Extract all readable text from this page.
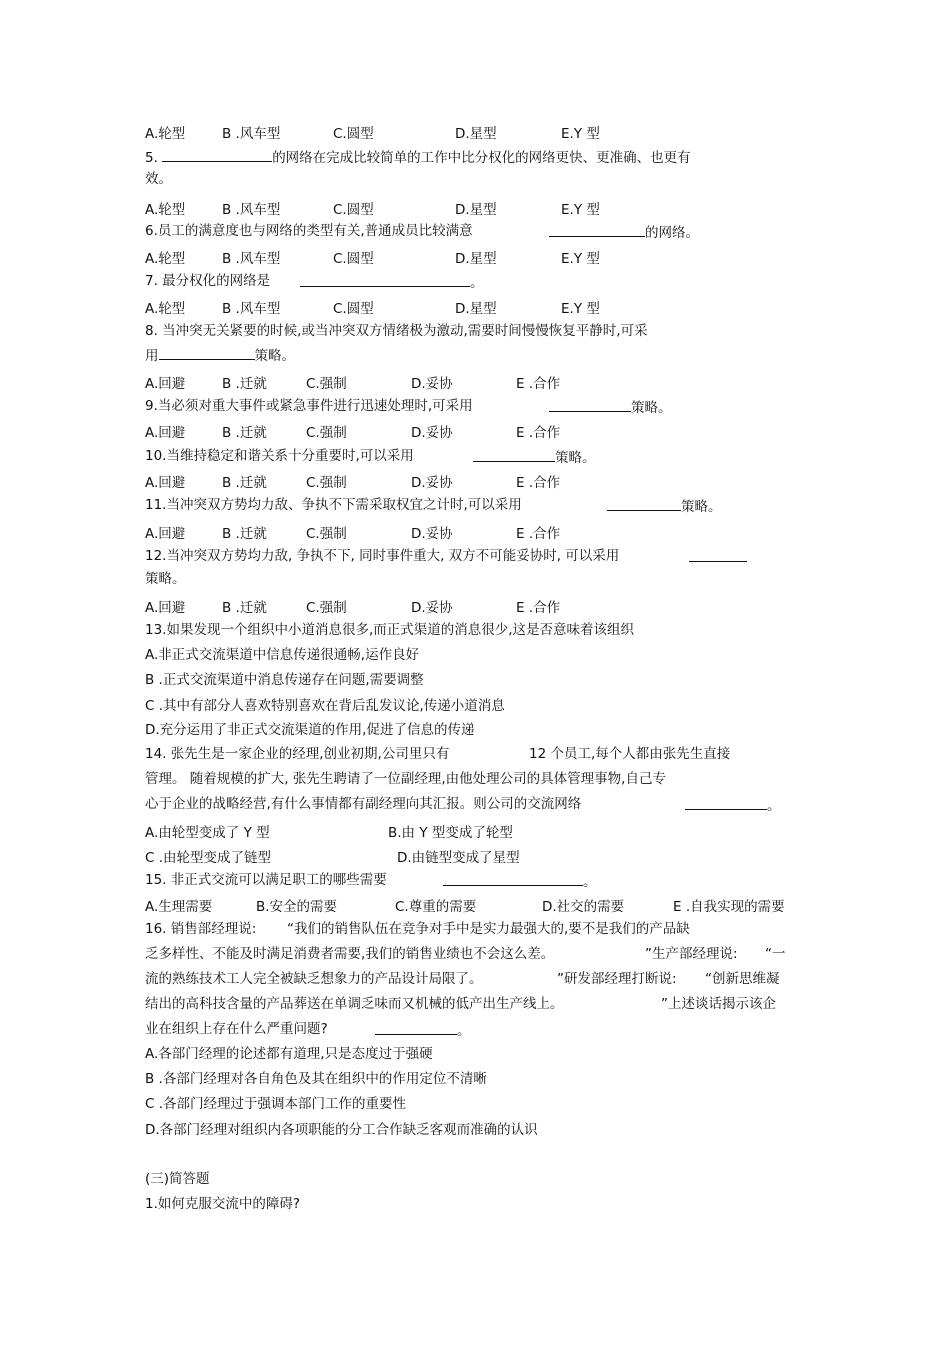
A.轮型	B .风车型	C.圆型	D.星型	E.Y 型
5.	的网络在完成比较简单的工作中比分权化的网络更快、更准确、也更有
效。
A.轮型	B .风车型	C.圆型	D.星型	E.Y 型
6.员工的满意度也与网络的类型有关,普通成员比较满意	的网络。
A.轮型	B .风车型	C.圆型	D.星型	E.Y 型
7. 最分权化的网络是	。
A.轮型	B .风车型	C.圆型	D.星型	E.Y 型
8. 当冲突无关紧要的时候,或当冲突双方情绪极为激动,需要时间慢慢恢复平静时,可采
用	策略。
A.回避	B .迁就	C.强制	D.妥协	E .合作
9.当必须对重大事件或紧急事件进行迅速处理时,可采用	策略。
A.回避	B .迁就	C.强制	D.妥协	E .合作
10.当维持稳定和谐关系十分重要时,可以采用	策略。
A.回避	B .迁就	C.强制	D.妥协	E .合作
11.当冲突双方势均力敌、争执不下需采取权宜之计时,可以采用	策略。
A.回避	B .迁就	C.强制	D.妥协	E .合作
12.当冲突双方势均力敌, 争执不下, 同时事件重大, 双方不可能妥协时, 可以采用
策略。
A.回避	B .迁就	C.强制	D.妥协	E .合作
13.如果发现一个组织中小道消息很多,而正式渠道的消息很少,这是否意味着该组织
A.非正式交流渠道中信息传递很通畅,运作良好
B .正式交流渠道中消息传递存在问题,需要调整
C .其中有部分人喜欢特别喜欢在背后乱发议论,传递小道消息
D.充分运用了非正式交流渠道的作用,促进了信息的传递
14. 张先生是一家企业的经理,创业初期,公司里只有	12 个员工,每个人都由张先生直接
管理。 随着规模的扩大, 张先生聘请了一位副经理,由他处理公司的具体管理事物,自己专
心于企业的战略经营,有什么事情都有副经理向其汇报。则公司的交流网络	。
A.由轮型变成了 Y 型	B.由 Y 型变成了轮型
C .由轮型变成了链型	D.由链型变成了星型
15. 非正式交流可以满足职工的哪些需要	。
A.生理需要	B.安全的需要	C.尊重的需要	D.社交的需要	E .自我实现的需要
16. 销售部经理说: “我们的销售队伍在竞争对手中是实力最强大的,要不是我们的产品缺
乏多样性、不能及时满足消费者需要,我们的销售业绩也不会这么差。	”生产部经理说: “一
流的熟练技术工人完全被缺乏想象力的产品设计局限了。	”研发部经理打断说: “创新思维凝
结出的高科技含量的产品葬送在单调乏味而又机械的低产出生产线上。	”上述谈话揭示该企
业在组织上存在什么严重问题?	。
A.各部门经理的论述都有道理,只是态度过于强硬
B .各部门经理对各自角色及其在组织中的作用定位不清晰
C .各部门经理过于强调本部门工作的重要性
D.各部门经理对组织内各项职能的分工合作缺乏客观而准确的认识
(三)简答题
1.如何克服交流中的障碍?
